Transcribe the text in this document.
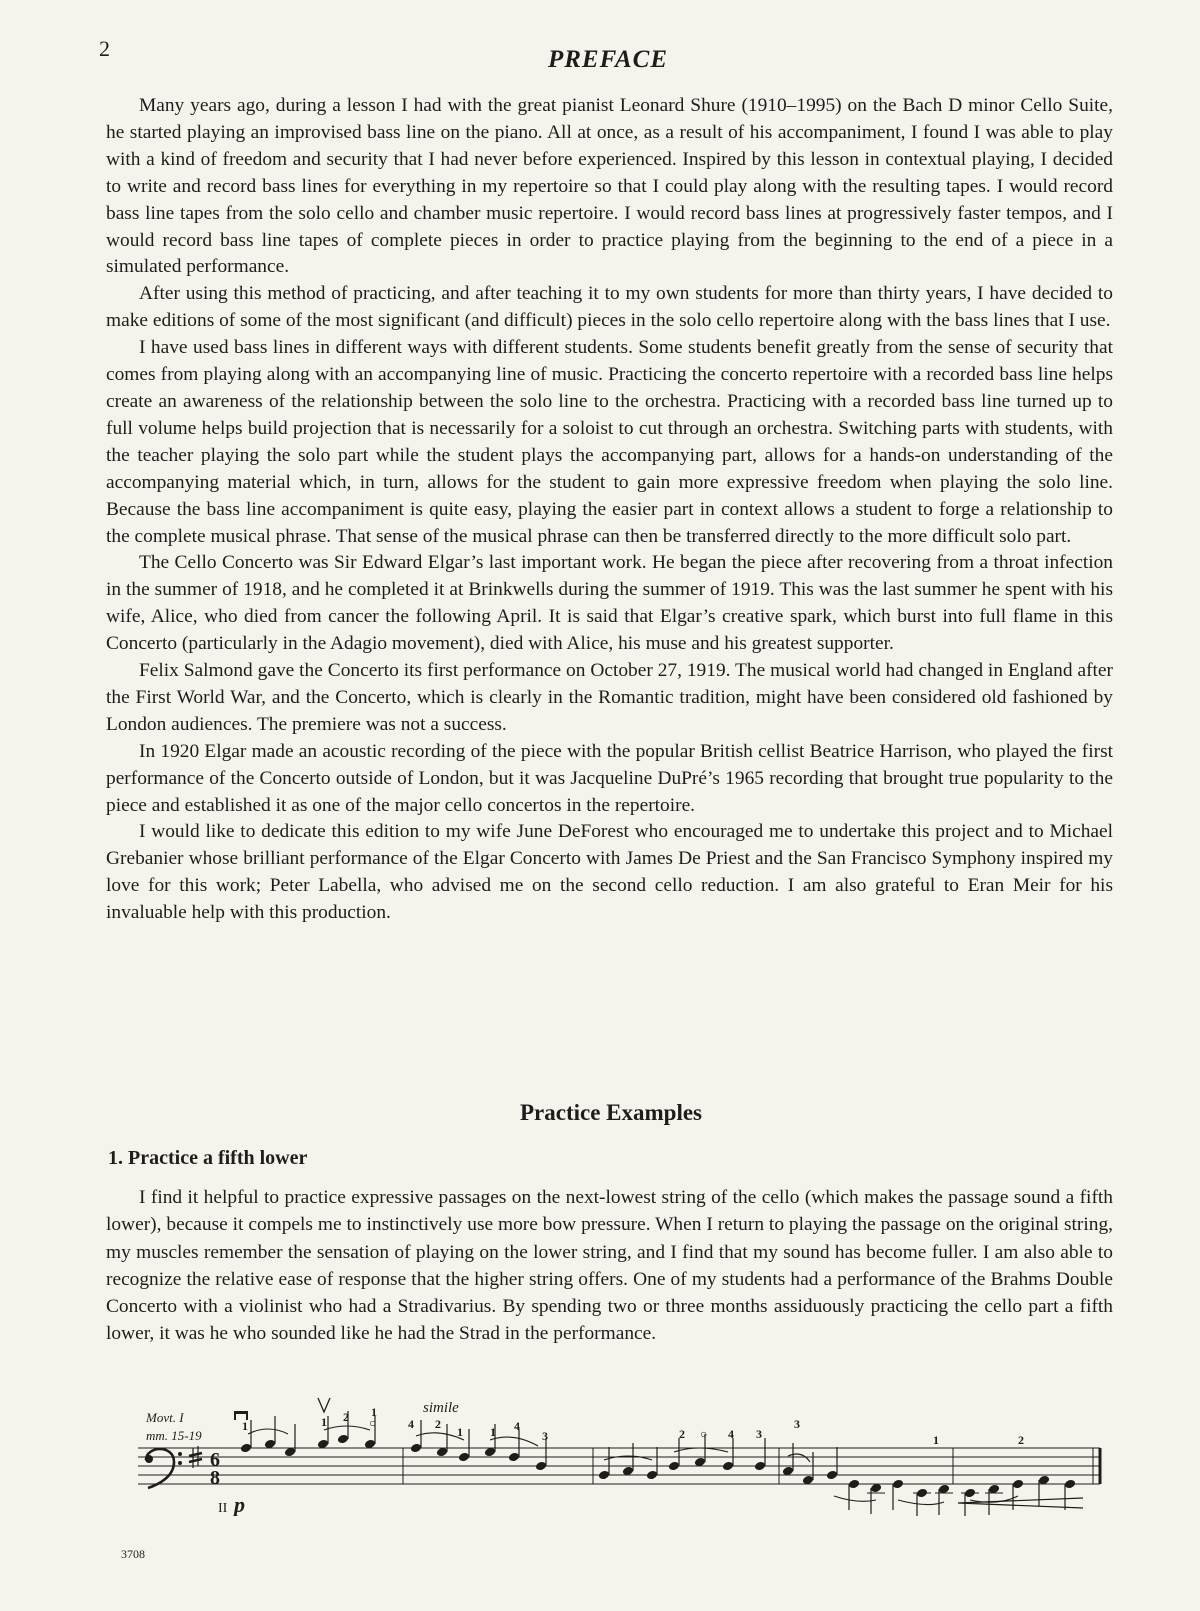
2	PREFACE

Many years ago, during a lesson I had with the great pianist Leonard Shure (1910–1995) on the Bach D minor Cello Suite, he started playing an improvised bass line on the piano. All at once, as a result of his accompaniment, I found I was able to play with a kind of freedom and security that I had never before experienced. Inspired by this lesson in contextual playing, I decided to write and record bass lines for everything in my repertoire so that I could play along with the resulting tapes. I would record bass line tapes from the solo cello and chamber music repertoire. I would record bass lines at progressively faster tempos, and I would record bass line tapes of complete pieces in order to practice playing from the beginning to the end of a piece in a simulated performance.

After using this method of practicing, and after teaching it to my own students for more than thirty years, I have decided to make editions of some of the most significant (and difficult) pieces in the solo cello repertoire along with the bass lines that I use.

I have used bass lines in different ways with different students. Some students benefit greatly from the sense of security that comes from playing along with an accompanying line of music. Practicing the concerto repertoire with a recorded bass line helps create an awareness of the relationship between the solo line to the orchestra. Practicing with a recorded bass line turned up to full volume helps build projection that is necessarily for a soloist to cut through an orchestra. Switching parts with students, with the teacher playing the solo part while the student plays the accompanying part, allows for a hands-on understanding of the accompanying material which, in turn, allows for the student to gain more expressive freedom when playing the solo line. Because the bass line accompaniment is quite easy, playing the easier part in context allows a student to forge a relationship to the complete musical phrase. That sense of the musical phrase can then be transferred directly to the more difficult solo part.

The Cello Concerto was Sir Edward Elgar’s last important work. He began the piece after recovering from a throat infection in the summer of 1918, and he completed it at Brinkwells during the summer of 1919. This was the last summer he spent with his wife, Alice, who died from cancer the following April. It is said that Elgar’s creative spark, which burst into full flame in this Concerto (particularly in the Adagio movement), died with Alice, his muse and his greatest supporter.

Felix Salmond gave the Concerto its first performance on October 27, 1919. The musical world had changed in England after the First World War, and the Concerto, which is clearly in the Romantic tradition, might have been considered old fashioned by London audiences. The premiere was not a success.

In 1920 Elgar made an acoustic recording of the piece with the popular British cellist Beatrice Harrison, who played the first performance of the Concerto outside of London, but it was Jacqueline DuPré’s 1965 recording that brought true popularity to the piece and established it as one of the major cello concertos in the repertoire.

I would like to dedicate this edition to my wife June DeForest who encouraged me to undertake this project and to Michael Grebanier whose brilliant performance of the Elgar Concerto with James De Priest and the San Francisco Symphony inspired my love for this work; Peter Labella, who advised me on the second cello reduction. I am also grateful to Eran Meir for his invaluable help with this production.

Practice Examples
1. Practice a fifth lower

I find it helpful to practice expressive passages on the next-lowest string of the cello (which makes the passage sound a fifth lower), because it compels me to instinctively use more bow pressure. When I return to playing the passage on the original string, my muscles remember the sensation of playing on the lower string, and I find that my sound has become fuller. I am also able to recognize the relative ease of response that the higher string offers. One of my students had a performance of the Brahms Double Concerto with a violinist who had a Stradivarius. By spending two or three months assiduously practicing the cello part a fifth lower, it was he who sounded like he had the Strad in the performance.

Movt. I
mm. 15-19
simile
6
8
1	1 2 1
○	4 2
1 1 4
3	2 ○ 4 3
3
1	2
II p
3708
